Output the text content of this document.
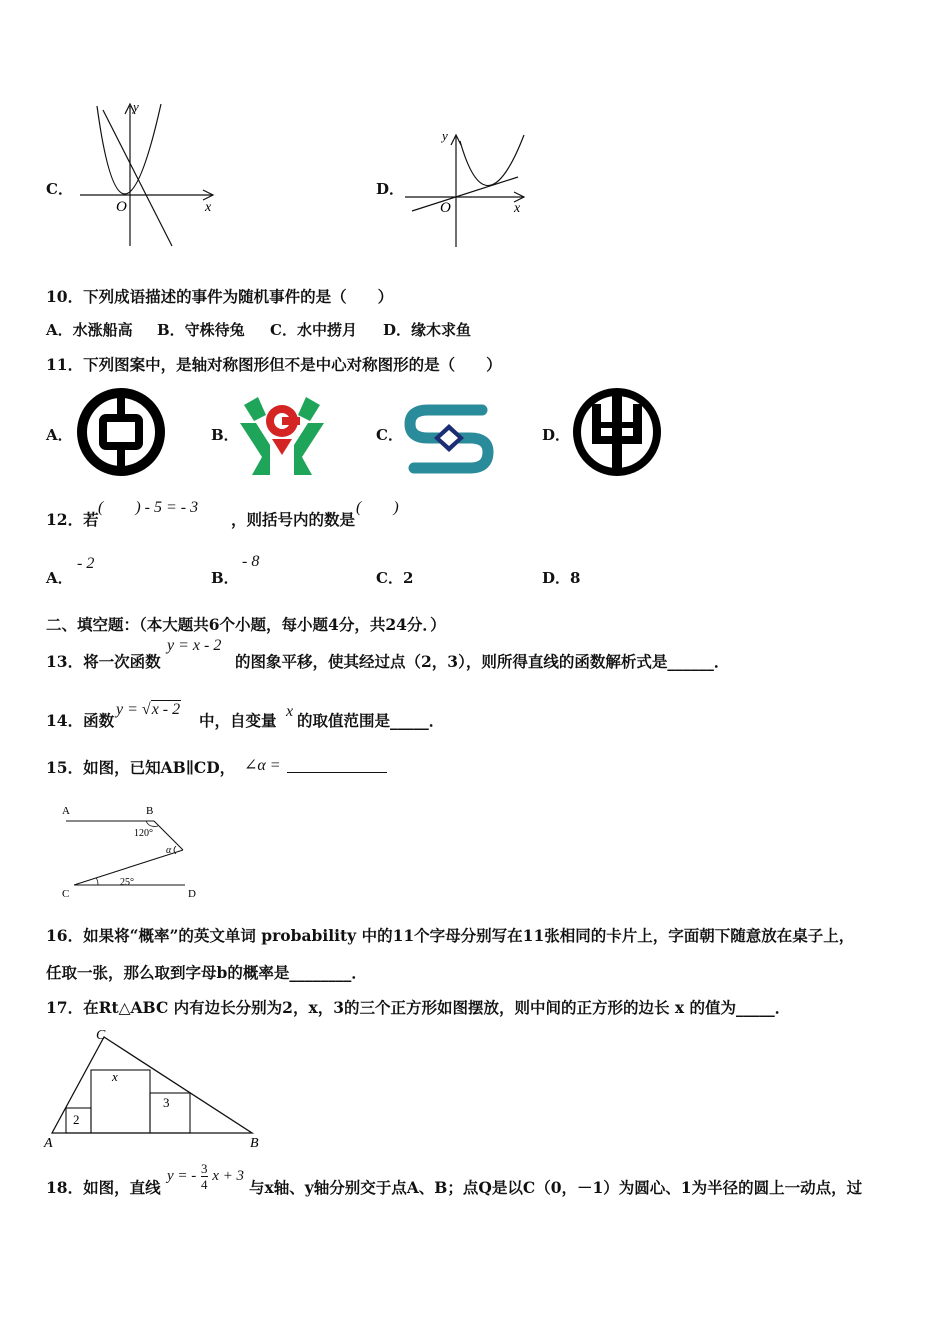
C．
y
x
O
D．
y
x
O
10．下列成语描述的事件为随机事件的是（　　）
A．水涨船高 B．守株待兔 C．水中捞月 D．缘木求鱼
11．下列图案中，是轴对称图形但不是中心对称图形的是（　　）
A．	B．	C．	D．
12．若
(　　) - 5 = - 3
，则括号内的数是
(　　)
A．
- 2
B．
- 8
C．2	D．8
二、填空题：（本大题共6个小题，每小题4分，共24分．）
13．将一次函数
y = x - 2
的图象平移，使其经过点（2，3），则所得直线的函数解析式是______．
14．函数
y = √x - 2
中，自变量 x 的取值范围是_____．
15．如图，已知AB∥CD， ∠α =
A	B
C	D
120°
25°
α
16．如果将“概率”的英文单词 probability 中的11个字母分别写在11张相同的卡片上，字面朝下随意放在桌子上，
任取一张，那么取到字母b的概率是________．
17．在Rt△ABC 内有边长分别为2，x，3的三个正方形如图摆放，则中间的正方形的边长 x 的值为_____．
A
C
B
2
x
3
18．如图，直线
y = - $\frac{3}{4}$ x + 3
与x轴、y轴分别交于点A、B；点Q是以C（0，－1）为圆心、1为半径的圆上一动点，过
